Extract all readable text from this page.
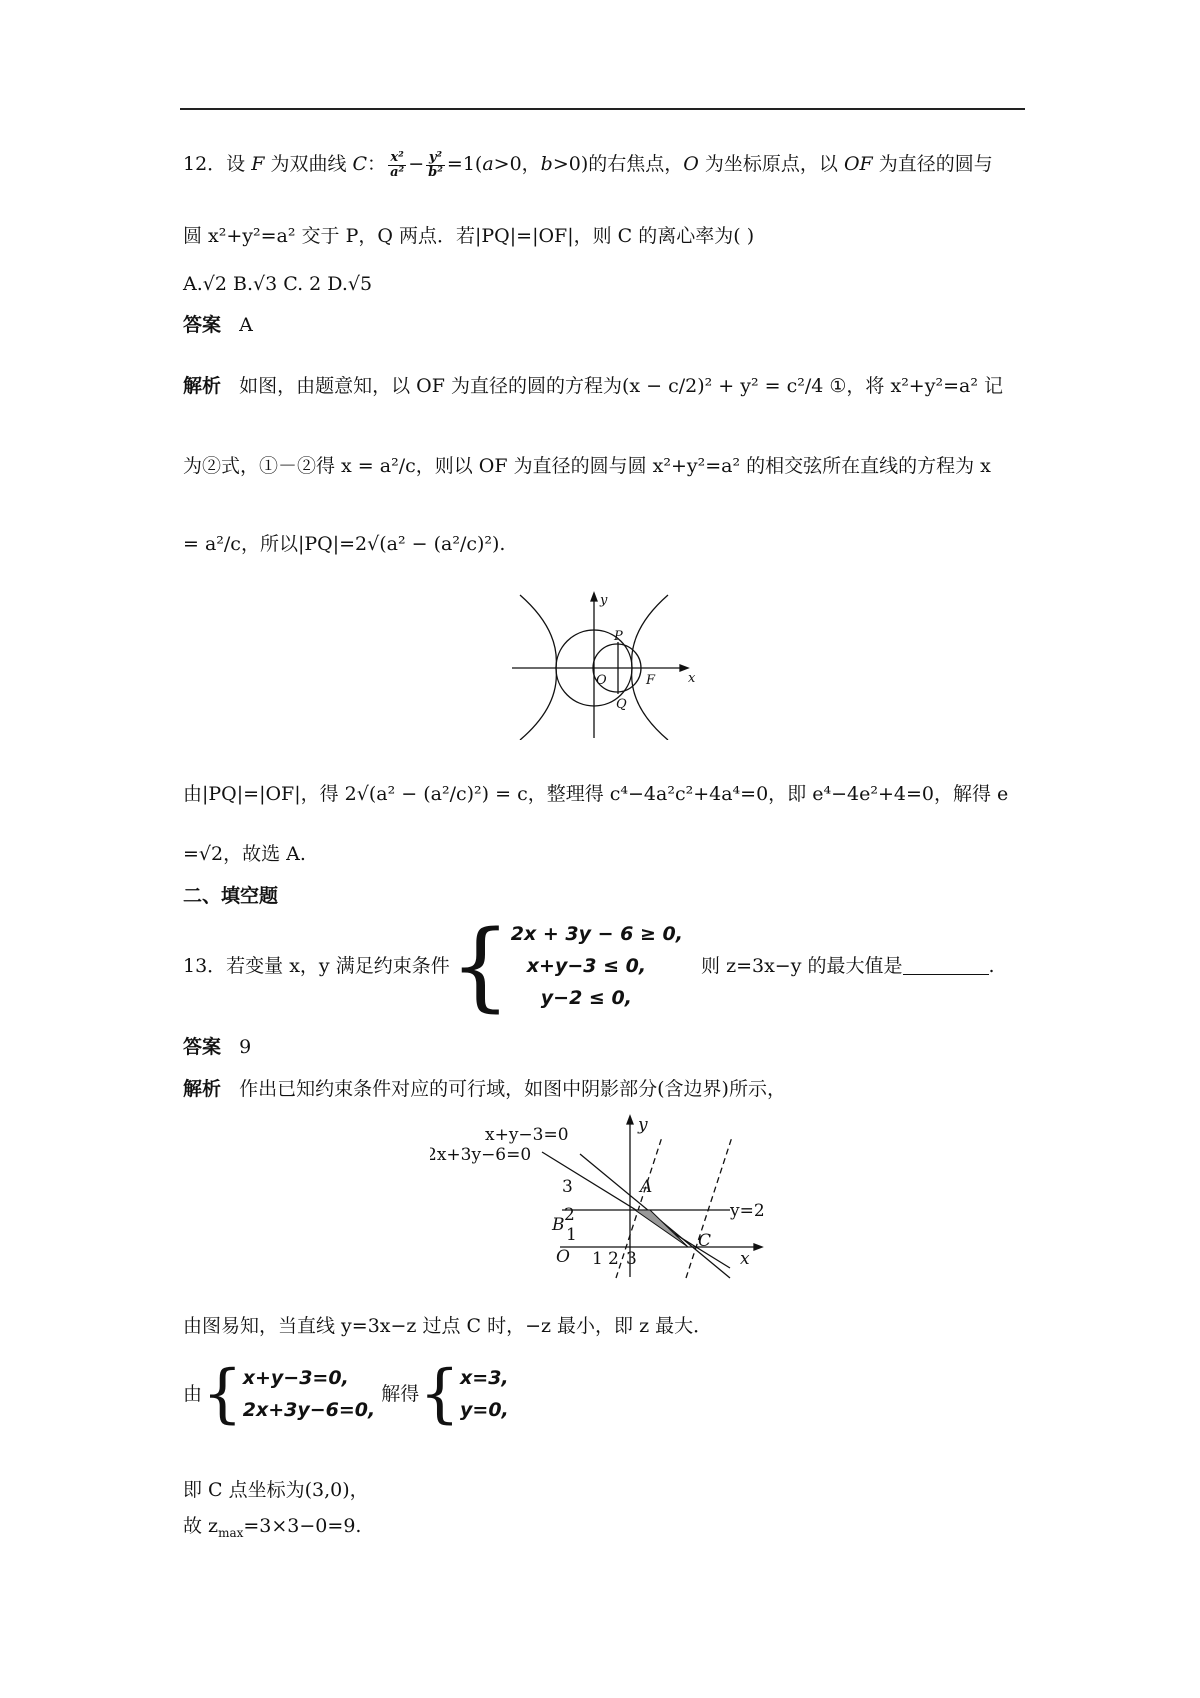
12．设 F 为双曲线 C： $\frac{\text{x²}}{\text{a²}} - \frac{\text{y²}}{\text{b²}} =1(a>0$，b>0)的右焦点，O 为坐标原点，以 OF 为直径的圆与
圆 x²+y²=a² 交于 P，Q 两点．若|PQ|=|OF|，则 C 的离心率为( )
A.√2 B.√3 C. 2 D.√5
答案 A
解析 如图，由题意知，以 OF 为直径的圆的方程为(x − c/2)² + y² = c²/4 ①，将 x²+y²=a² 记
为②式，①－②得 x = a²/c，则以 OF 为直径的圆与圆 x²+y²=a² 的相交弦所在直线的方程为 x
= a²/c，所以|PQ|=2√(a² − (a²/c)²).
y
x
P
O	F
Q
由|PQ|=|OF|，得 2√(a² − (a²/c)²) = c，整理得 c⁴−4a²c²+4a⁴=0，即 e⁴−4e²+4=0，解得 e
=√2，故选 A.
二、填空题
13．若变量 x，y 满足约束条件{ 2x + 3y − 6 ≥ 0,
x+y−3 ≤ 0,
y−2 ≤ 0,
则 z=3x−y 的最大值是	.
答案 9
解析 作出已知约束条件对应的可行域，如图中阴影部分(含边界)所示，
x+y−3=0
2x+3y−6=0
y=2
y
x
A
B
C
O
3
2
1
1 2 3
由图易知，当直线 y=3x−z 过点 C 时，−z 最小，即 z 最大．
由{ x+y−3=0,
2x+3y−6=0,
解得{ x=3,
y=0,
即 C 点坐标为(3,0)，
故 $z_{max}=3\times 3-0=9$.
